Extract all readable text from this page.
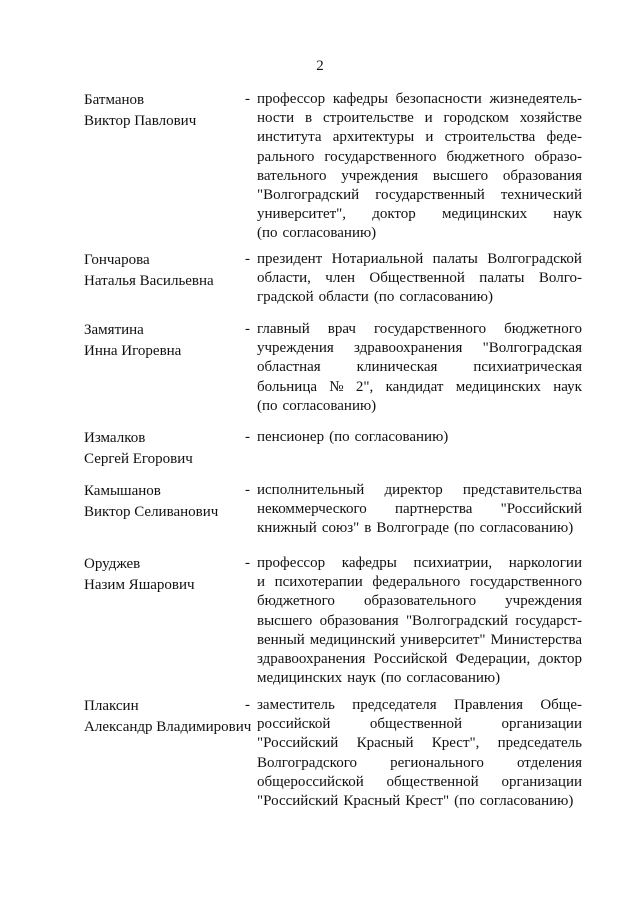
2
Батманов
Виктор Павлович
- профессор кафедры безопасности жизнедеятель-
ности в строительстве и городском хозяйстве
института архитектуры и строительства феде-
рального государственного бюджетного образо-
вательного учреждения высшего образования
"Волгоградский государственный технический
университет", доктор медицинских наук
(по согласованию)
Гончарова
Наталья Васильевна
- президент Нотариальной палаты Волгоградской
области, член Общественной палаты Волго-
градской области (по согласованию)
Замятина
Инна Игоревна
- главный врач государственного бюджетного
учреждения здравоохранения "Волгоградская
областная клиническая психиатрическая
больница № 2", кандидат медицинских наук
(по согласованию)
Измалков
Сергей Егорович
- пенсионер (по согласованию)
Камышанов
Виктор Селиванович
- исполнительный директор представительства
некоммерческого партнерства "Российский
книжный союз" в Волгограде (по согласованию)
Оруджев
Назим Яшарович
- профессор кафедры психиатрии, наркологии
и психотерапии федерального государственного
бюджетного образовательного учреждения
высшего образования "Волгоградский государст-
венный медицинский университет" Министерства
здравоохранения Российской Федерации, доктор
медицинских наук (по согласованию)
Плаксин
Александр Владимирович
- заместитель председателя Правления Обще-
российской	общественной	организации
"Российский Красный Крест", председатель
Волгоградского регионального отделения
общероссийской общественной организации
"Российский Красный Крест" (по согласованию)
